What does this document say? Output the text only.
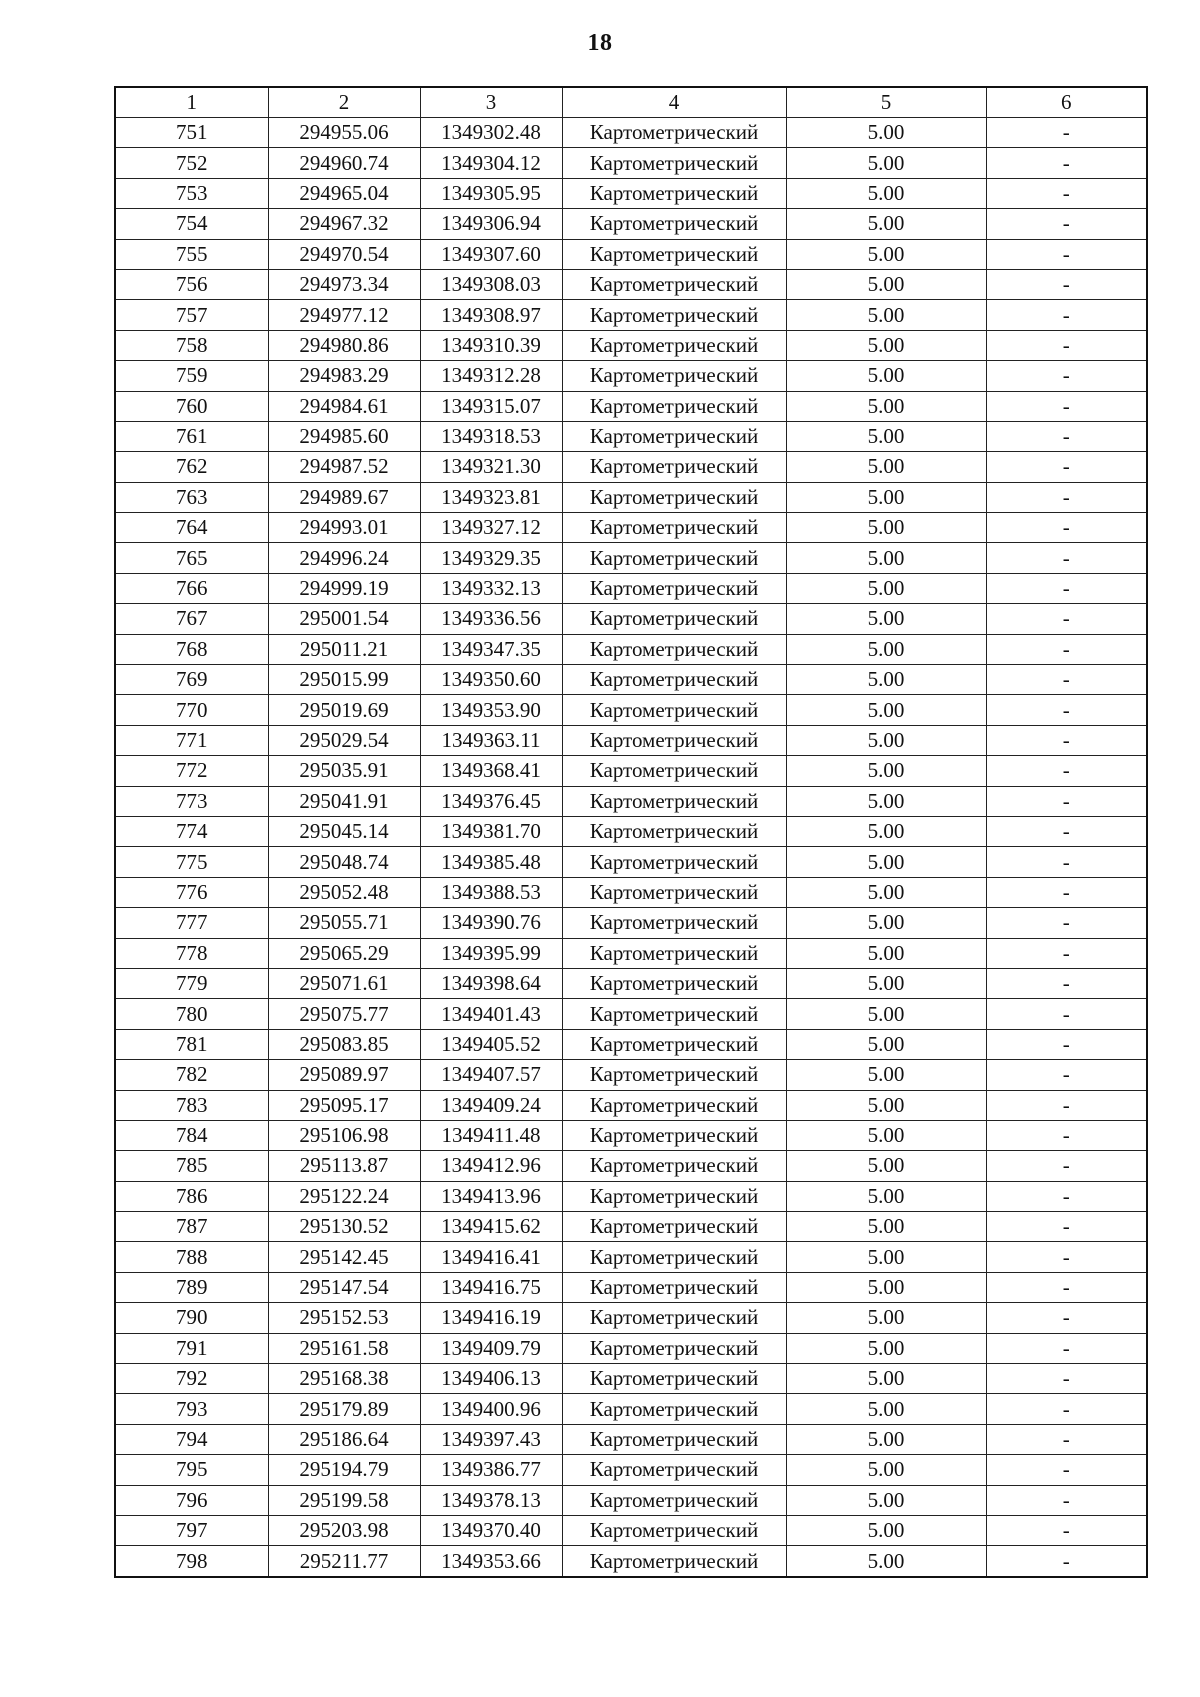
18
1	2	3	4	5	6
751	294955.06	1349302.48	Картометрический	5.00	-
752	294960.74	1349304.12	Картометрический	5.00	-
753	294965.04	1349305.95	Картометрический	5.00	-
754	294967.32	1349306.94	Картометрический	5.00	-
755	294970.54	1349307.60	Картометрический	5.00	-
756	294973.34	1349308.03	Картометрический	5.00	-
757	294977.12	1349308.97	Картометрический	5.00	-
758	294980.86	1349310.39	Картометрический	5.00	-
759	294983.29	1349312.28	Картометрический	5.00	-
760	294984.61	1349315.07	Картометрический	5.00	-
761	294985.60	1349318.53	Картометрический	5.00	-
762	294987.52	1349321.30	Картометрический	5.00	-
763	294989.67	1349323.81	Картометрический	5.00	-
764	294993.01	1349327.12	Картометрический	5.00	-
765	294996.24	1349329.35	Картометрический	5.00	-
766	294999.19	1349332.13	Картометрический	5.00	-
767	295001.54	1349336.56	Картометрический	5.00	-
768	295011.21	1349347.35	Картометрический	5.00	-
769	295015.99	1349350.60	Картометрический	5.00	-
770	295019.69	1349353.90	Картометрический	5.00	-
771	295029.54	1349363.11	Картометрический	5.00	-
772	295035.91	1349368.41	Картометрический	5.00	-
773	295041.91	1349376.45	Картометрический	5.00	-
774	295045.14	1349381.70	Картометрический	5.00	-
775	295048.74	1349385.48	Картометрический	5.00	-
776	295052.48	1349388.53	Картометрический	5.00	-
777	295055.71	1349390.76	Картометрический	5.00	-
778	295065.29	1349395.99	Картометрический	5.00	-
779	295071.61	1349398.64	Картометрический	5.00	-
780	295075.77	1349401.43	Картометрический	5.00	-
781	295083.85	1349405.52	Картометрический	5.00	-
782	295089.97	1349407.57	Картометрический	5.00	-
783	295095.17	1349409.24	Картометрический	5.00	-
784	295106.98	1349411.48	Картометрический	5.00	-
785	295113.87	1349412.96	Картометрический	5.00	-
786	295122.24	1349413.96	Картометрический	5.00	-
787	295130.52	1349415.62	Картометрический	5.00	-
788	295142.45	1349416.41	Картометрический	5.00	-
789	295147.54	1349416.75	Картометрический	5.00	-
790	295152.53	1349416.19	Картометрический	5.00	-
791	295161.58	1349409.79	Картометрический	5.00	-
792	295168.38	1349406.13	Картометрический	5.00	-
793	295179.89	1349400.96	Картометрический	5.00	-
794	295186.64	1349397.43	Картометрический	5.00	-
795	295194.79	1349386.77	Картометрический	5.00	-
796	295199.58	1349378.13	Картометрический	5.00	-
797	295203.98	1349370.40	Картометрический	5.00	-
798	295211.77	1349353.66	Картометрический	5.00	-
